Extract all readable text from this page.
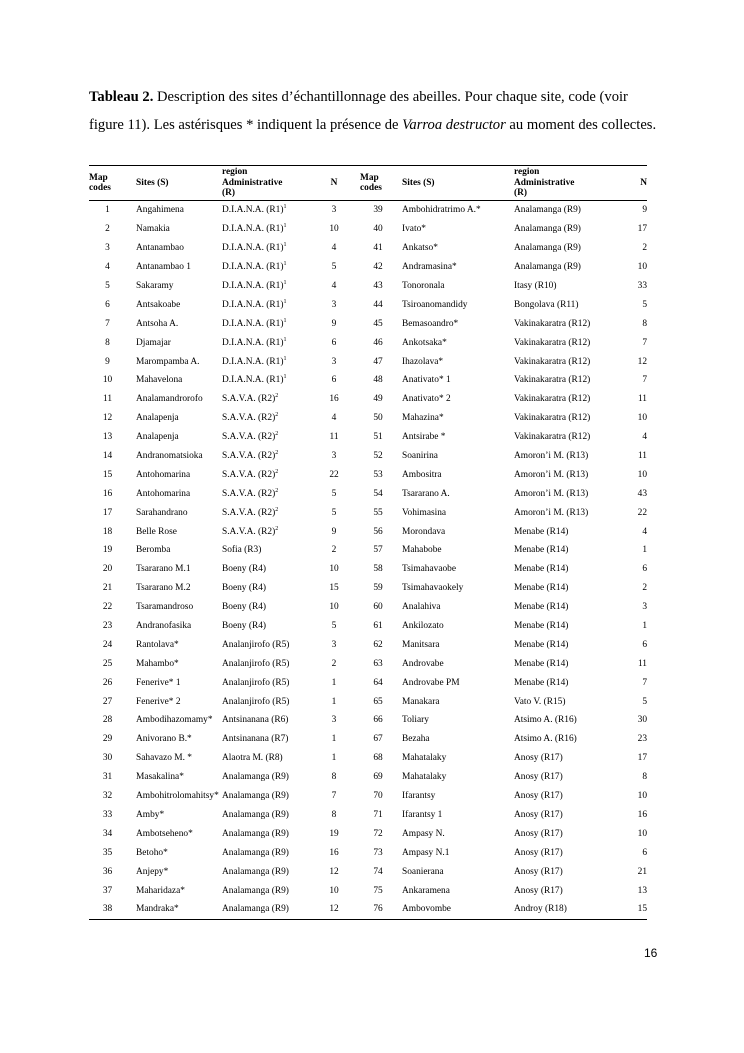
Tableau 2. Description des sites d’échantillonnage des abeilles. Pour chaque site, code (voir figure 11). Les astérisques * indiquent la présence de Varroa destructor au moment des collectes.

Map
codes	Sites (S)	region
Administrative
(R)	N		Map
codes	Sites (S)	region
Administrative
(R)	N
1	Angahimena	D.I.A.N.A. $(R1)^1$	3		39	Ambohidratrimo A.*	Analamanga (R9)	9
2	Namakia	D.I.A.N.A. $(R1)^1$	10		40	Ivato*	Analamanga (R9)	17
3	Antanambao	D.I.A.N.A. $(R1)^1$	4		41	Ankatso*	Analamanga (R9)	2
4	Antanambao 1	D.I.A.N.A. $(R1)^1$	5		42	Andramasina*	Analamanga (R9)	10
5	Sakaramy	D.I.A.N.A. $(R1)^1$	4		43	Tonoronala	Itasy (R10)	33
6	Antsakoabe	D.I.A.N.A. $(R1)^1$	3		44	Tsiroanomandidy	Bongolava (R11)	5
7	Antsoha A.	D.I.A.N.A. $(R1)^1$	9		45	Bemasoandro*	Vakinakaratra (R12)	8
8	Djamajar	D.I.A.N.A. $(R1)^1$	6		46	Ankotsaka*	Vakinakaratra (R12)	7
9	Marompamba A.	D.I.A.N.A. $(R1)^1$	3		47	Ihazolava*	Vakinakaratra (R12)	12
10	Mahavelona	D.I.A.N.A. $(R1)^1$	6		48	Anativato* 1	Vakinakaratra (R12)	7
11	Analamandrorofo	S.A.V.A. $(R2)^2$	16		49	Anativato* 2	Vakinakaratra (R12)	11
12	Analapenja	S.A.V.A. $(R2)^2$	4		50	Mahazina*	Vakinakaratra (R12)	10
13	Analapenja	S.A.V.A. $(R2)^2$	11		51	Antsirabe *	Vakinakaratra (R12)	4
14	Andranomatsioka	S.A.V.A. $(R2)^2$	3		52	Soanirina	Amoron’i M. (R13)	11
15	Antohomarina	S.A.V.A. $(R2)^2$	22		53	Ambositra	Amoron’i M. (R13)	10
16	Antohomarina	S.A.V.A. $(R2)^2$	5		54	Tsararano A.	Amoron’i M. (R13)	43
17	Sarahandrano	S.A.V.A. $(R2)^2$	5		55	Vohimasina	Amoron’i M. (R13)	22
18	Belle Rose	S.A.V.A. $(R2)^2$	9		56	Morondava	Menabe (R14)	4
19	Beromba	Sofia (R3)	2		57	Mahabobe	Menabe (R14)	1
20	Tsararano M.1	Boeny (R4)	10		58	Tsimahavaobe	Menabe (R14)	6
21	Tsararano M.2	Boeny (R4)	15		59	Tsimahavaokely	Menabe (R14)	2
22	Tsaramandroso	Boeny (R4)	10		60	Analahiva	Menabe (R14)	3
23	Andranofasika	Boeny (R4)	5		61	Ankilozato	Menabe (R14)	1
24	Rantolava*	Analanjirofo (R5)	3		62	Manitsara	Menabe (R14)	6
25	Mahambo*	Analanjirofo (R5)	2		63	Androvabe	Menabe (R14)	11
26	Fenerive* 1	Analanjirofo (R5)	1		64	Androvabe PM	Menabe (R14)	7
27	Fenerive* 2	Analanjirofo (R5)	1		65	Manakara	Vato V. (R15)	5
28	Ambodihazomamy*	Antsinanana (R6)	3		66	Toliary	Atsimo A. (R16)	30
29	Anivorano B.*	Antsinanana (R7)	1		67	Bezaha	Atsimo A. (R16)	23
30	Sahavazo M. *	Alaotra M. (R8)	1		68	Mahatalaky	Anosy (R17)	17
31	Masakalina*	Analamanga (R9)	8		69	Mahatalaky	Anosy (R17)	8
32	Ambohitrolomahitsy*	Analamanga (R9)	7		70	Ifarantsy	Anosy (R17)	10
33	Amby*	Analamanga (R9)	8		71	Ifarantsy 1	Anosy (R17)	16
34	Ambotseheno*	Analamanga (R9)	19		72	Ampasy N.	Anosy (R17)	10
35	Betoho*	Analamanga (R9)	16		73	Ampasy N.1	Anosy (R17)	6
36	Anjepy*	Analamanga (R9)	12		74	Soanierana	Anosy (R17)	21
37	Maharidaza*	Analamanga (R9)	10		75	Ankaramena	Anosy (R17)	13
38	Mandraka*	Analamanga (R9)	12		76	Ambovombe	Androy (R18)	15
16
